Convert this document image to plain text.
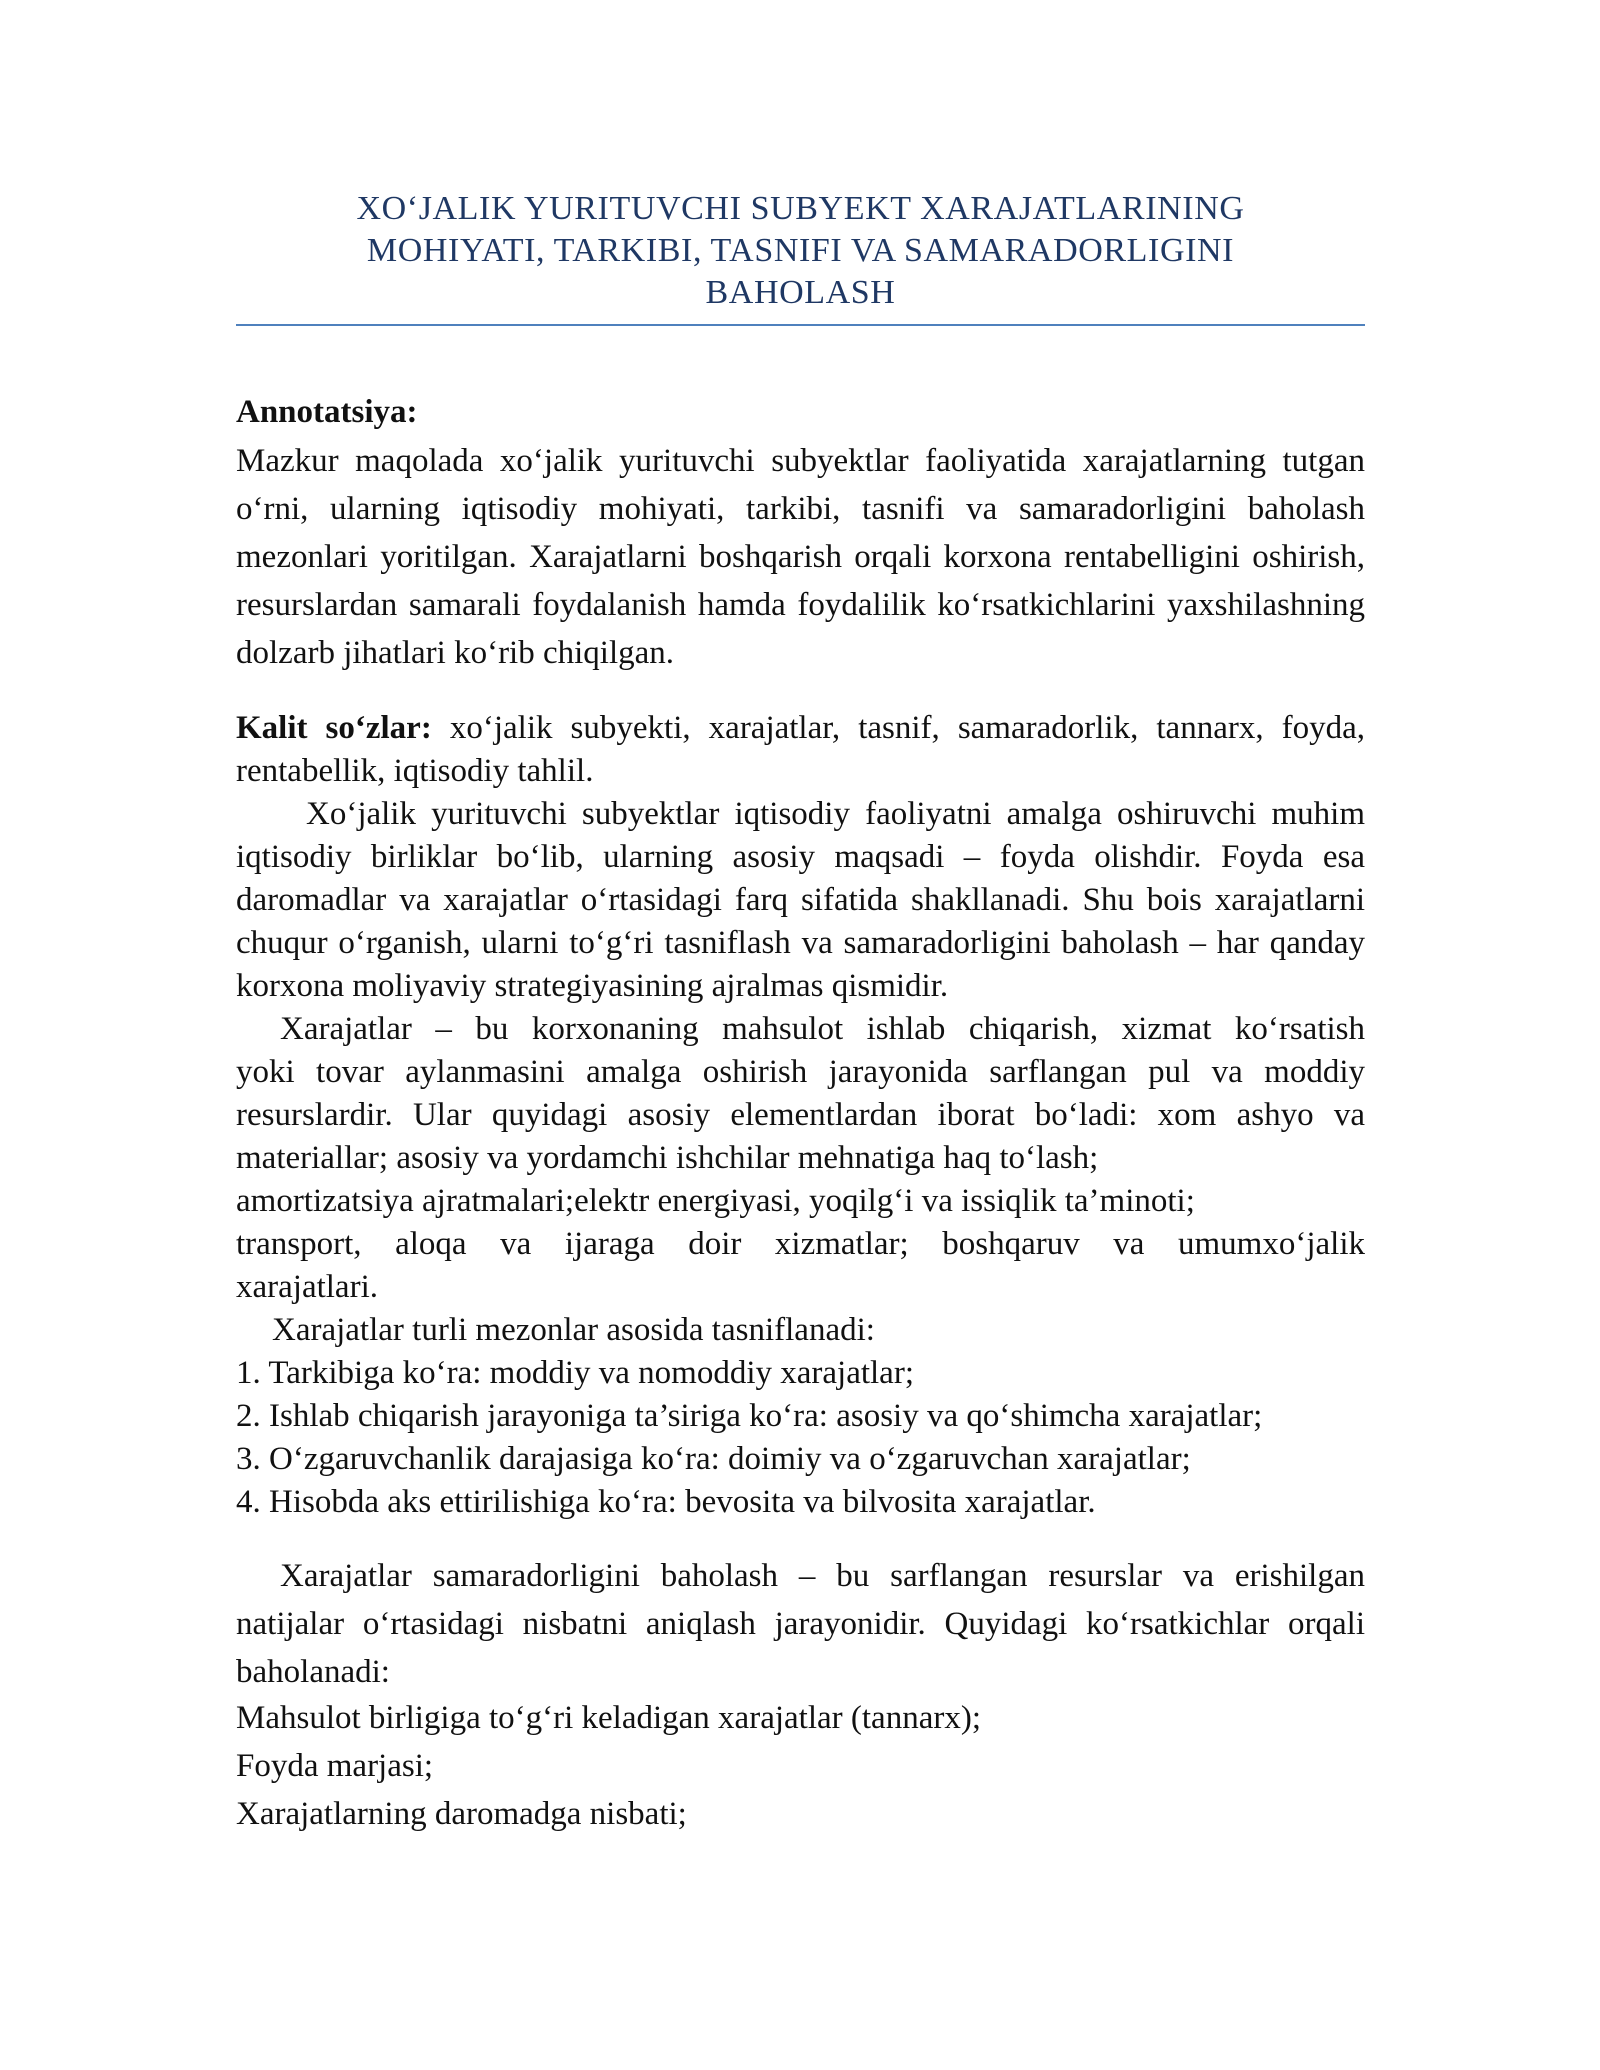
XO‘JALIK YURITUVCHI SUBYEKT XARAJATLARINING
MOHIYATI, TARKIBI, TASNIFI VA SAMARADORLIGINI
BAHOLASH
Annotatsiya:

Mazkur maqolada xo‘jalik yurituvchi subyektlar faoliyatida xarajatlarning tutgan o‘rni, ularning iqtisodiy mohiyati, tarkibi, tasnifi va samaradorligini baholash mezonlari yoritilgan. Xarajatlarni boshqarish orqali korxona rentabelligini oshirish, resurslardan samarali foydalanish hamda foydalilik ko‘rsatkichlarini yaxshilashning dolzarb jihatlari ko‘rib chiqilgan.

Kalit so‘zlar: xo‘jalik subyekti, xarajatlar, tasnif, samaradorlik, tannarx, foyda, rentabellik, iqtisodiy tahlil.

Xo‘jalik yurituvchi subyektlar iqtisodiy faoliyatni amalga oshiruvchi muhim iqtisodiy birliklar bo‘lib, ularning asosiy maqsadi – foyda olishdir. Foyda esa daromadlar va xarajatlar o‘rtasidagi farq sifatida shakllanadi. Shu bois xarajatlarni chuqur o‘rganish, ularni to‘g‘ri tasniflash va samaradorligini baholash – har qanday korxona moliyaviy strategiyasining ajralmas qismidir.

Xarajatlar – bu korxonaning mahsulot ishlab chiqarish, xizmat ko‘rsatish
yoki tovar aylanmasini amalga oshirish jarayonida sarflangan pul va moddiy
resurslardir. Ular quyidagi asosiy elementlardan iborat bo‘ladi: xom ashyo va
materiallar; asosiy va yordamchi ishchilar mehnatiga haq to‘lash;
amortizatsiya ajratmalari;elektr energiyasi, yoqilg‘i va issiqlik ta’minoti;
transport, aloqa va ijaraga doir xizmatlar; boshqaruv va umumxo‘jalik
xarajatlari.

Xarajatlar turli mezonlar asosida tasniflanadi:

1. Tarkibiga ko‘ra: moddiy va nomoddiy xarajatlar;

2. Ishlab chiqarish jarayoniga ta’siriga ko‘ra: asosiy va qo‘shimcha xarajatlar;

3. O‘zgaruvchanlik darajasiga ko‘ra: doimiy va o‘zgaruvchan xarajatlar;

4. Hisobda aks ettirilishiga ko‘ra: bevosita va bilvosita xarajatlar.

Xarajatlar samaradorligini baholash – bu sarflangan resurslar va erishilgan natijalar o‘rtasidagi nisbatni aniqlash jarayonidir. Quyidagi ko‘rsatkichlar orqali baholanadi:

Mahsulot birligiga to‘g‘ri keladigan xarajatlar (tannarx);

Foyda marjasi;

Xarajatlarning daromadga nisbati;
